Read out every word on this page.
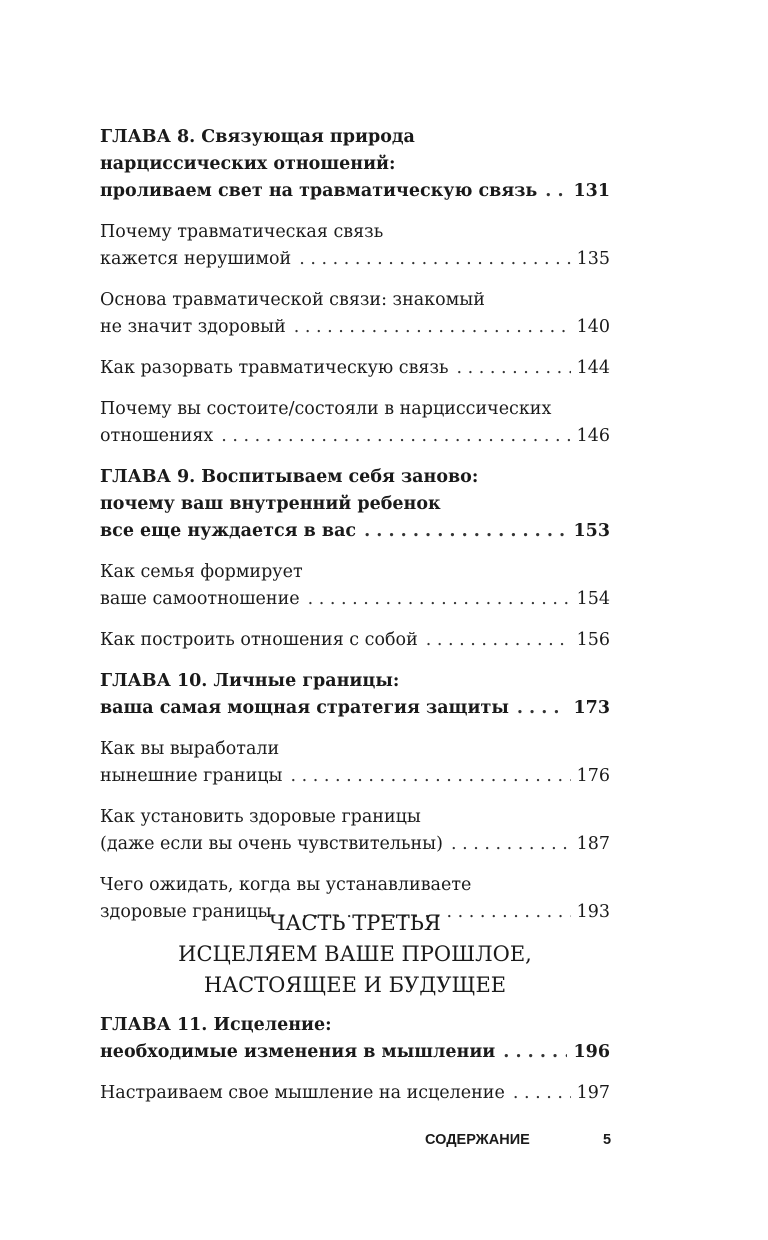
ГЛАВА 8. Связующая природа
нарциссических отношений:
проливаем свет на травматическую связь . . . 131
Почему травматическая связь
кажется нерушимой . . .	135
Основа травматической связи: знакомый
не значит здоровый . . .	140
Как разорвать травматическую связь . . .	144
Почему вы состоите/состояли в нарциссических
отношениях . . .	146
ГЛАВА 9. Воспитываем себя заново:
почему ваш внутренний ребенок
все еще нуждается в вас . . .	153
Как семья формирует
ваше самоотношение . . .	154
Как построить отношения с собой . . .	156
ГЛАВА 10. Личные границы:
ваша самая мощная стратегия защиты . . .	173
Как вы выработали
нынешние границы . . .	176
Как установить здоровые границы
(даже если вы очень чувствительны) . . .	187
Чего ожидать, когда вы устанавливаете
здоровые границы . . .	193
ЧАСТЬ ТРЕТЬЯ
ИСЦЕЛЯЕМ ВАШЕ ПРОШЛОЕ,
НАСТОЯЩЕЕ И БУДУЩЕЕ
ГЛАВА 11. Исцеление:
необходимые изменения в мышлении . . .	196
Настраиваем свое мышление на исцеление . . .	197
СОДЕРЖАНИЕ	5
